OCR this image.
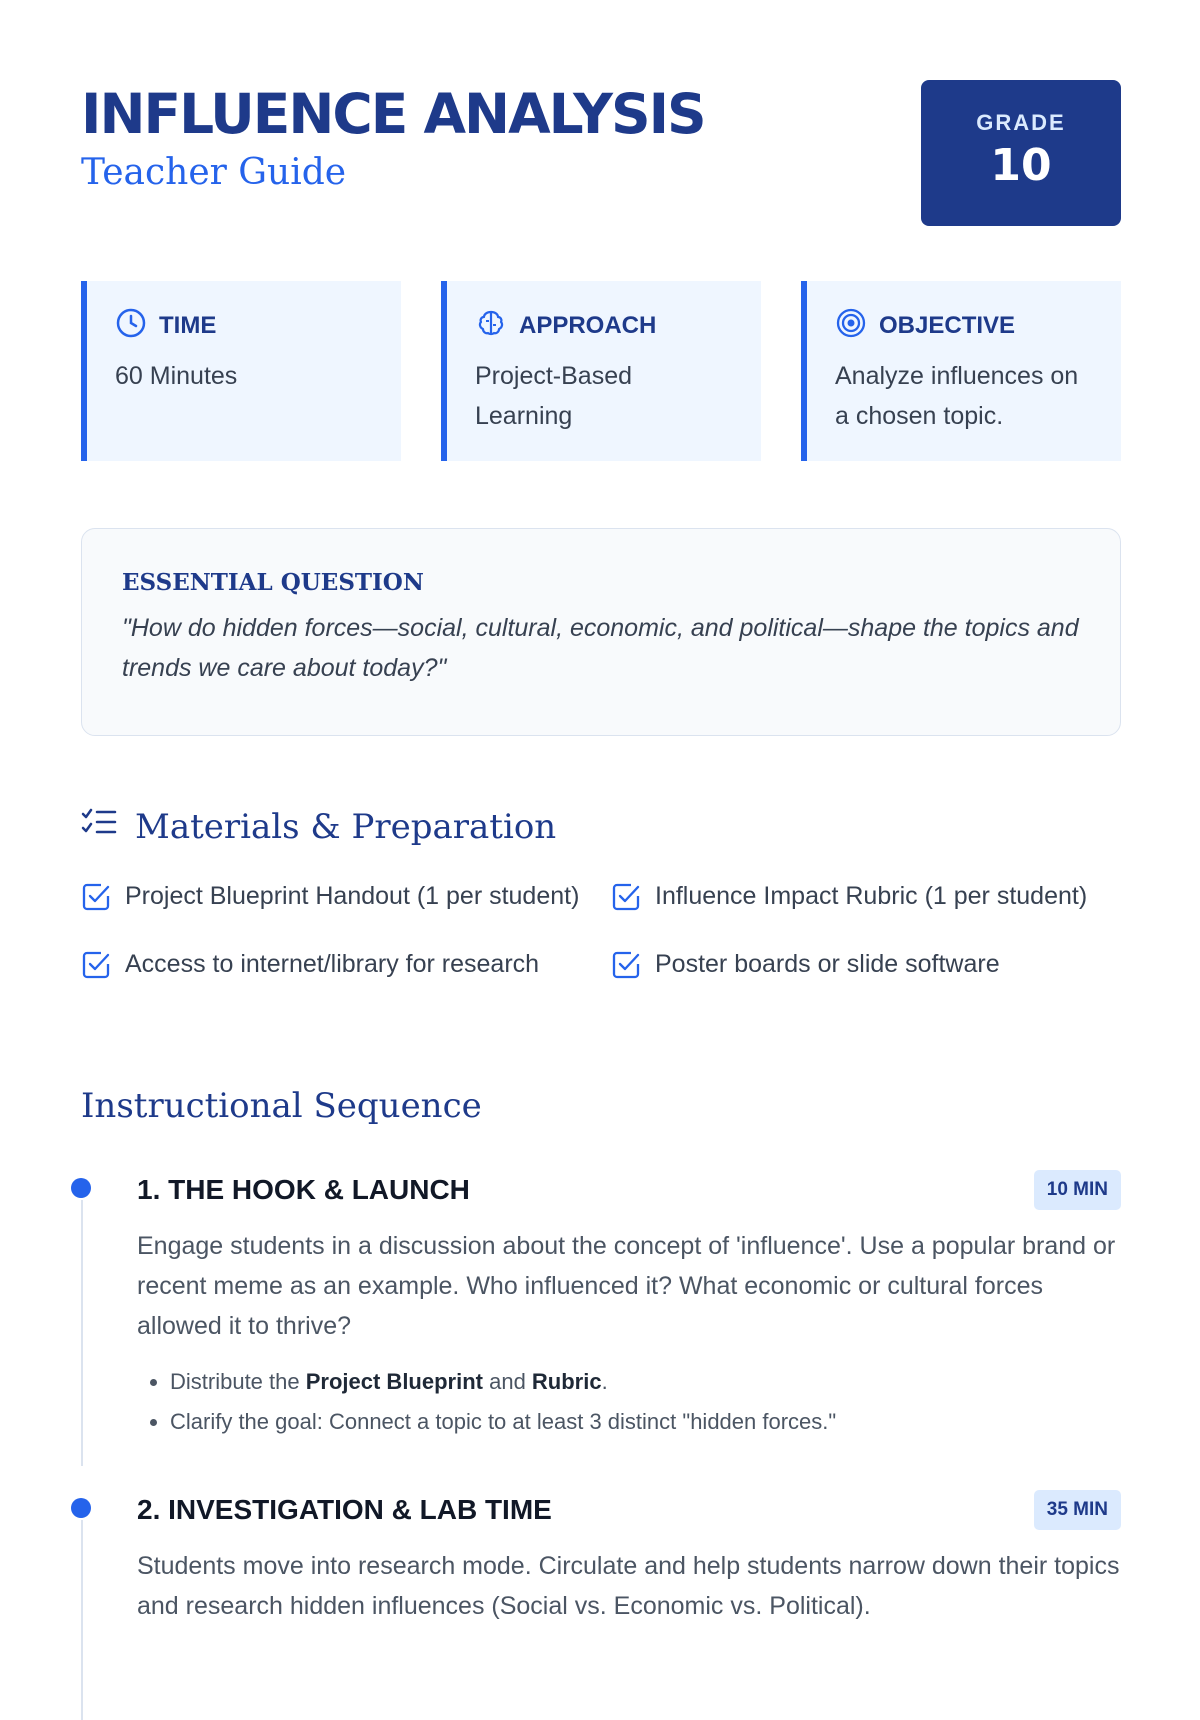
INFLUENCE ANALYSIS
Teacher Guide
GRADE
10
TIME
60 Minutes
APPROACH
Project-Based Learning
OBJECTIVE
Analyze influences on a chosen topic.
ESSENTIAL QUESTION
"How do hidden forces—social, cultural, economic, and political—shape the topics and trends we care about today?"
Materials & Preparation
Project Blueprint Handout (1 per student)	Influence Impact Rubric (1 per student)
Access to internet/library for research	Poster boards or slide software
Instructional Sequence
1. THE HOOK & LAUNCH	10 MIN
Engage students in a discussion about the concept of 'influence'. Use a popular brand or recent meme as an example. Who influenced it? What economic or cultural forces allowed it to thrive?
• Distribute the Project Blueprint and Rubric.
• Clarify the goal: Connect a topic to at least 3 distinct "hidden forces."
2. INVESTIGATION & LAB TIME	35 MIN
Students move into research mode. Circulate and help students narrow down their topics and research hidden influences (Social vs. Economic vs. Political).
